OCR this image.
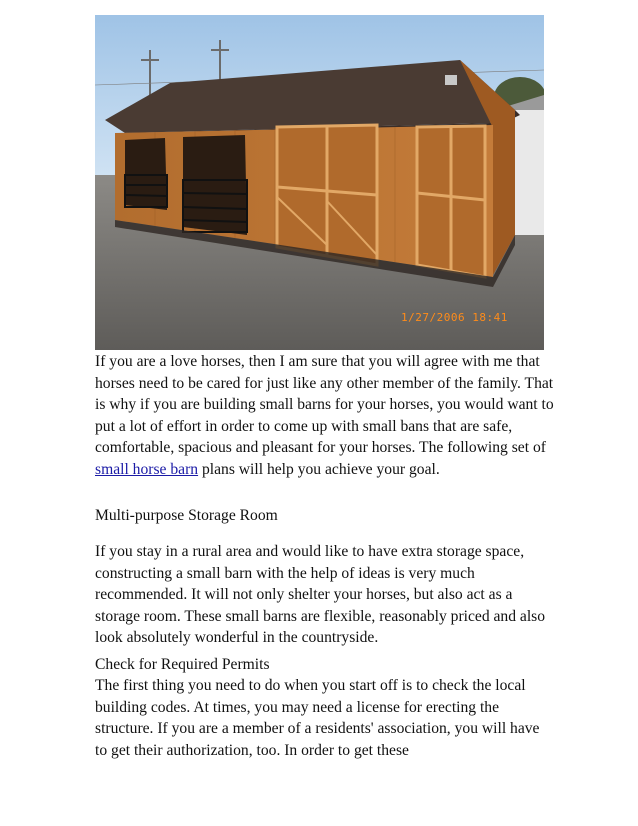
1/27/2006 18:41

If you are a love horses, then I am sure that you will agree with me that horses need to be cared for just like any other member of the family. That is why if you are building small barns for your horses, you would want to put a lot of effort in order to come up with small bans that are safe, comfortable, spacious and pleasant for your horses. The following set of small horse barn plans will help you achieve your goal.

Multi-purpose Storage Room

If you stay in a rural area and would like to have extra storage space, constructing a small barn with the help of ideas is very much recommended. It will not only shelter your horses, but also act as a storage room. These small barns are flexible, reasonably priced and also look absolutely wonderful in the countryside.

Check for Required Permits

The first thing you need to do when you start off is to check the local building codes. At times, you may need a license for erecting the structure. If you are a member of a residents' association, you will have to get their authorization, too. In order to get these
